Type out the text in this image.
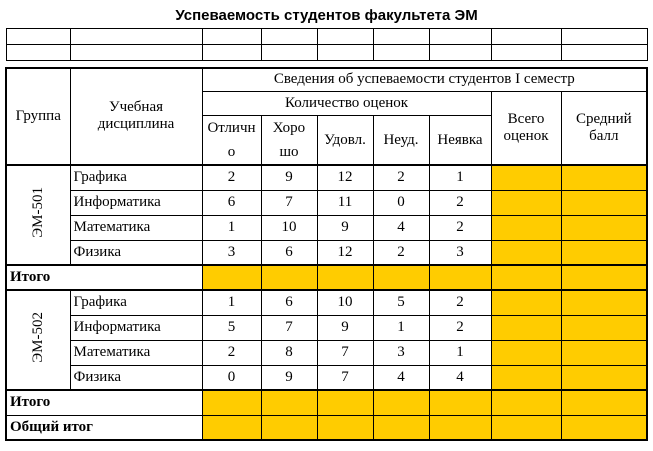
Успеваемость студентов факультета ЭМ								

Группа	Учебная дисциплина	Сведения об успеваемости студентов I семестр						
		Количество оценок					Всего оценок	Средний балл
		Отлично	Хорошо	Удовл.	Неуд.	Неявка		
ЭМ-501	Графика	2	9	12	2	1		
	Информатика	6	7	11	0	2		
	Математика	1	10	9	4	2		
	Физика	3	6	12	2	3		
Итого								
ЭМ-502	Графика	1	6	10	5	2		
	Информатика	5	7	9	1	2		
	Математика	2	8	7	3	1		
	Физика	0	9	7	4	4		
Итого								
Общий итог								
